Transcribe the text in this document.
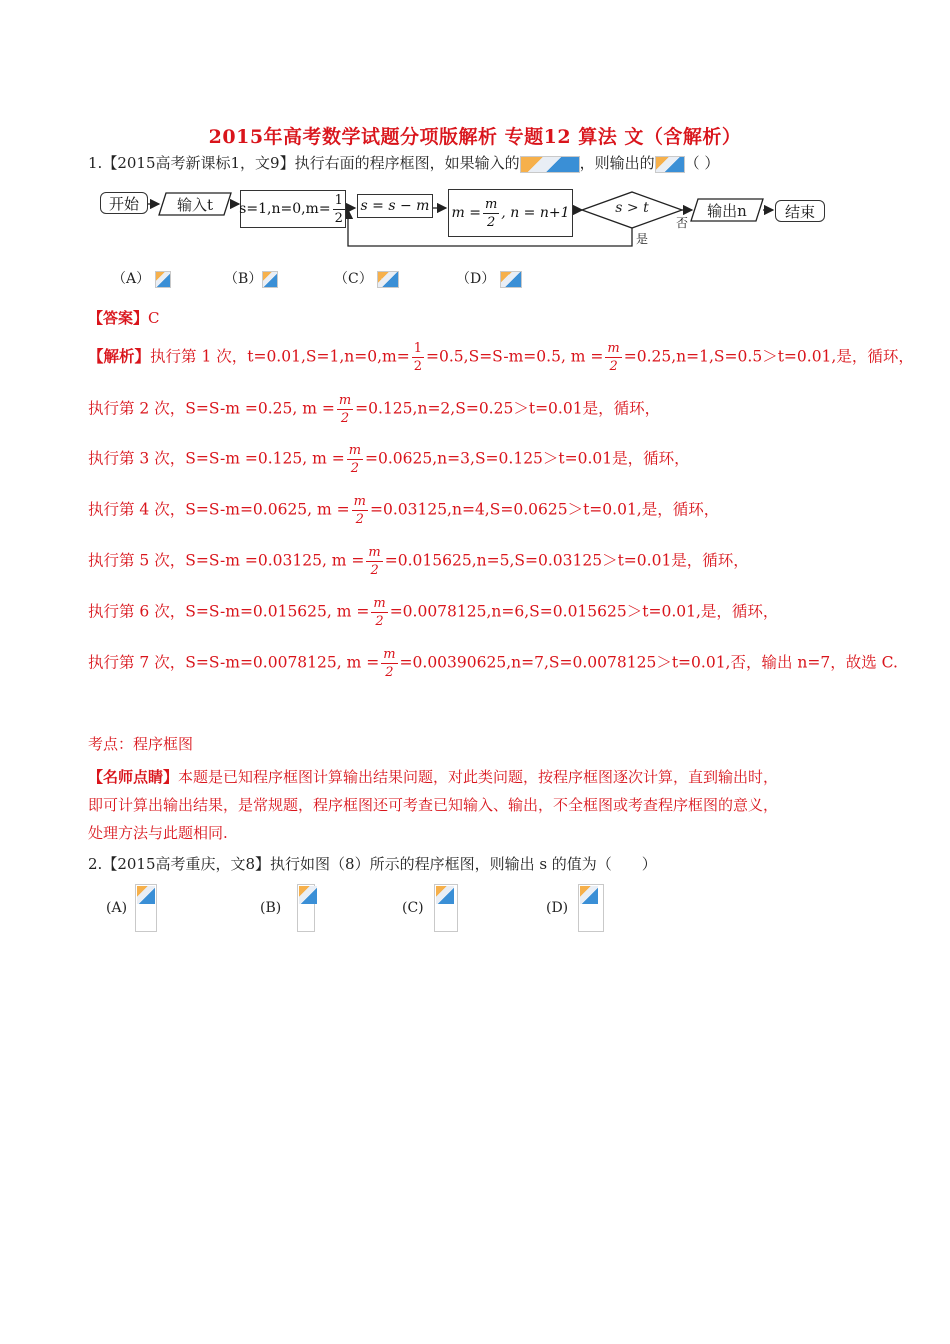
2015年高考数学试题分项版解析 专题12 算法 文（含解析）
1.【2015高考新课标1，文9】执行右面的程序框图，如果输入的	，则输出的 （ ）
开始	输入t	$s=1,n=0,m= \frac{1}{2}$ s = s − m $m = \frac{m}{2}$ , n = n+1	s > t
否
是
输出n	结束
（A）	（B）	（C）	（D）
【答案】C
【解析】执行第 1 次，$t=0.01,S=1,n=0,m= \frac{1}{2} =0.5,S=S-m=0.5$, $m = \frac{m}{2} =0.25,n=1,S=0.5>t=0.01$,是，循环，
执行第 2 次，S=S-m =0.25, $m = \frac{m}{2} =0.125,n=2,S=0.25>t=0.01$是，循环，
执行第 3 次，S=S-m =0.125, $m = \frac{m}{2} =0.0625,n=3,S=0.125>t=0.01$是，循环，
执行第 4 次，S=S-m=0.0625, $m = \frac{m}{2} =0.03125,n=4,S=0.0625>t=0.01$,是，循环，
执行第 5 次，S=S-m =0.03125, $m = \frac{m}{2} =0.015625,n=5,S=0.03125>t=0.01$是，循环，
执行第 6 次，S=S-m=0.015625, $m = \frac{m}{2} =0.0078125,n=6,S=0.015625>t=0.01$,是，循环，
执行第 7 次，S=S-m=0.0078125, $m = \frac{m}{2} =0.00390625,n=7,S=0.0078125>t=0.01$,否，输出 n=7，故选 C.
考点：程序框图
【名师点睛】本题是已知程序框图计算输出结果问题，对此类问题，按程序框图逐次计算，直到输出时，
即可计算出输出结果，是常规题，程序框图还可考查已知输入、输出，不全框图或考查程序框图的意义，
处理方法与此题相同.
2.【2015高考重庆，文8】执行如图（8）所示的程序框图，则输出 s 的值为（　　）
(A)	(B)	(C)	(D)
